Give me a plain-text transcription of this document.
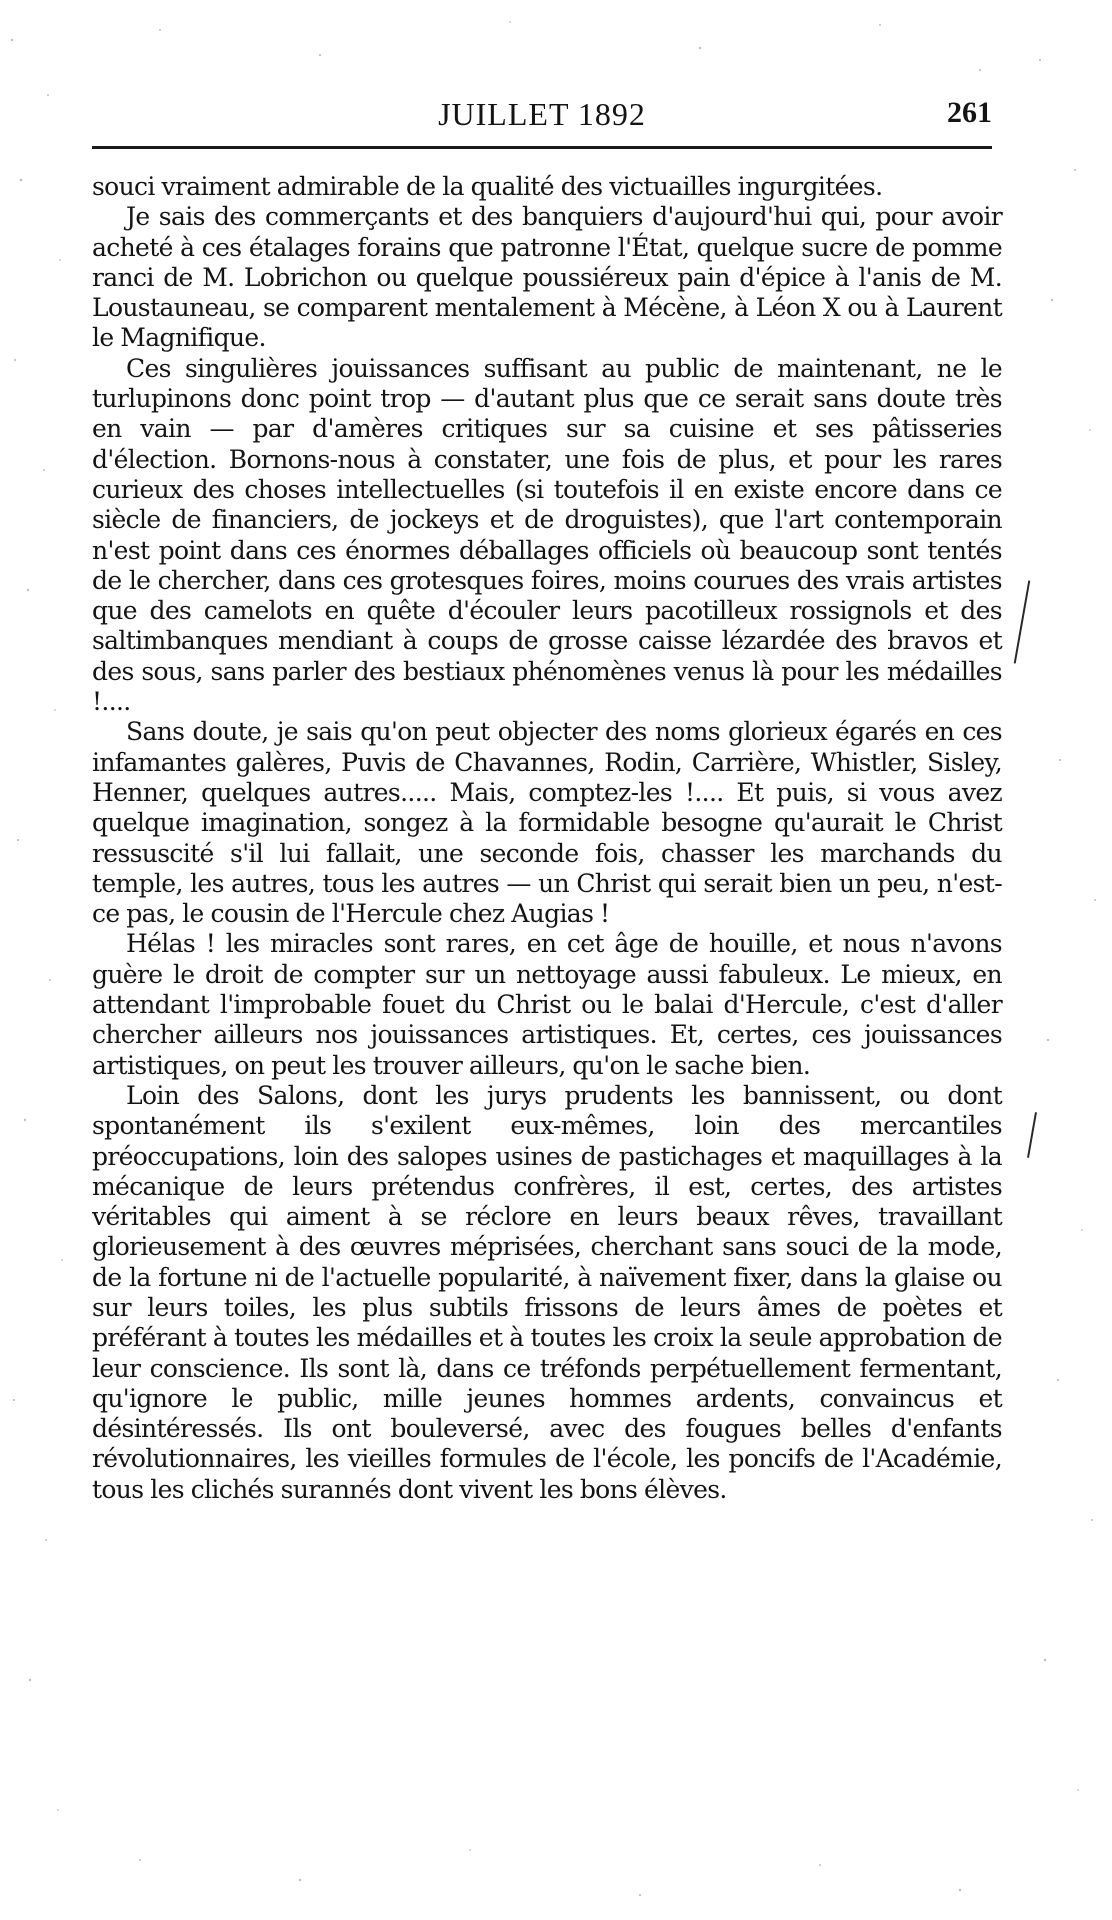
JUILLET 1892	261

souci vraiment admirable de la qualité des victuailles ingurgitées.

Je sais des commerçants et des banquiers d'aujourd'hui qui, pour avoir acheté à ces étalages forains que patronne l'État, quelque sucre de pomme ranci de M. Lobrichon ou quelque poussiéreux pain d'épice à l'anis de M. Loustauneau, se comparent mentalement à Mécène, à Léon X ou à Laurent le Magnifique.

Ces singulières jouissances suffisant au public de maintenant, ne le turlupinons donc point trop — d'autant plus que ce serait sans doute très en vain — par d'amères critiques sur sa cuisine et ses pâtisseries d'élection. Bornons-nous à constater, une fois de plus, et pour les rares curieux des choses intellectuelles (si toutefois il en existe encore dans ce siècle de financiers, de jockeys et de droguistes), que l'art contemporain n'est point dans ces énormes déballages officiels où beaucoup sont tentés de le chercher, dans ces grotesques foires, moins courues des vrais artistes que des camelots en quête d'écouler leurs pacotilleux rossignols et des saltimbanques mendiant à coups de grosse caisse lézardée des bravos et des sous, sans parler des bestiaux phénomènes venus là pour les médailles !....

Sans doute, je sais qu'on peut objecter des noms glorieux égarés en ces infamantes galères, Puvis de Chavannes, Rodin, Carrière, Whistler, Sisley, Henner, quelques autres..... Mais, comptez-les !.... Et puis, si vous avez quelque imagination, songez à la formidable besogne qu'aurait le Christ ressuscité s'il lui fallait, une seconde fois, chasser les marchands du temple, les autres, tous les autres — un Christ qui serait bien un peu, n'est-ce pas, le cousin de l'Hercule chez Augias !

Hélas ! les miracles sont rares, en cet âge de houille, et nous n'avons guère le droit de compter sur un nettoyage aussi fabuleux. Le mieux, en attendant l'improbable fouet du Christ ou le balai d'Hercule, c'est d'aller chercher ailleurs nos jouissances artistiques. Et, certes, ces jouissances artistiques, on peut les trouver ailleurs, qu'on le sache bien.

Loin des Salons, dont les jurys prudents les bannissent, ou dont spontanément ils s'exilent eux-mêmes, loin des mercantiles préoccupations, loin des salopes usines de pastichages et maquillages à la mécanique de leurs prétendus confrères, il est, certes, des artistes véritables qui aiment à se réclore en leurs beaux rêves, travaillant glorieusement à des œuvres méprisées, cherchant sans souci de la mode, de la fortune ni de l'actuelle popularité, à naïvement fixer, dans la glaise ou sur leurs toiles, les plus subtils frissons de leurs âmes de poètes et préférant à toutes les médailles et à toutes les croix la seule approbation de leur conscience. Ils sont là, dans ce tréfonds perpétuellement fermentant, qu'ignore le public, mille jeunes hommes ardents, convaincus et désintéressés. Ils ont bouleversé, avec des fougues belles d'enfants révolutionnaires, les vieilles formules de l'école, les poncifs de l'Académie, tous les clichés surannés dont vivent les bons élèves.
